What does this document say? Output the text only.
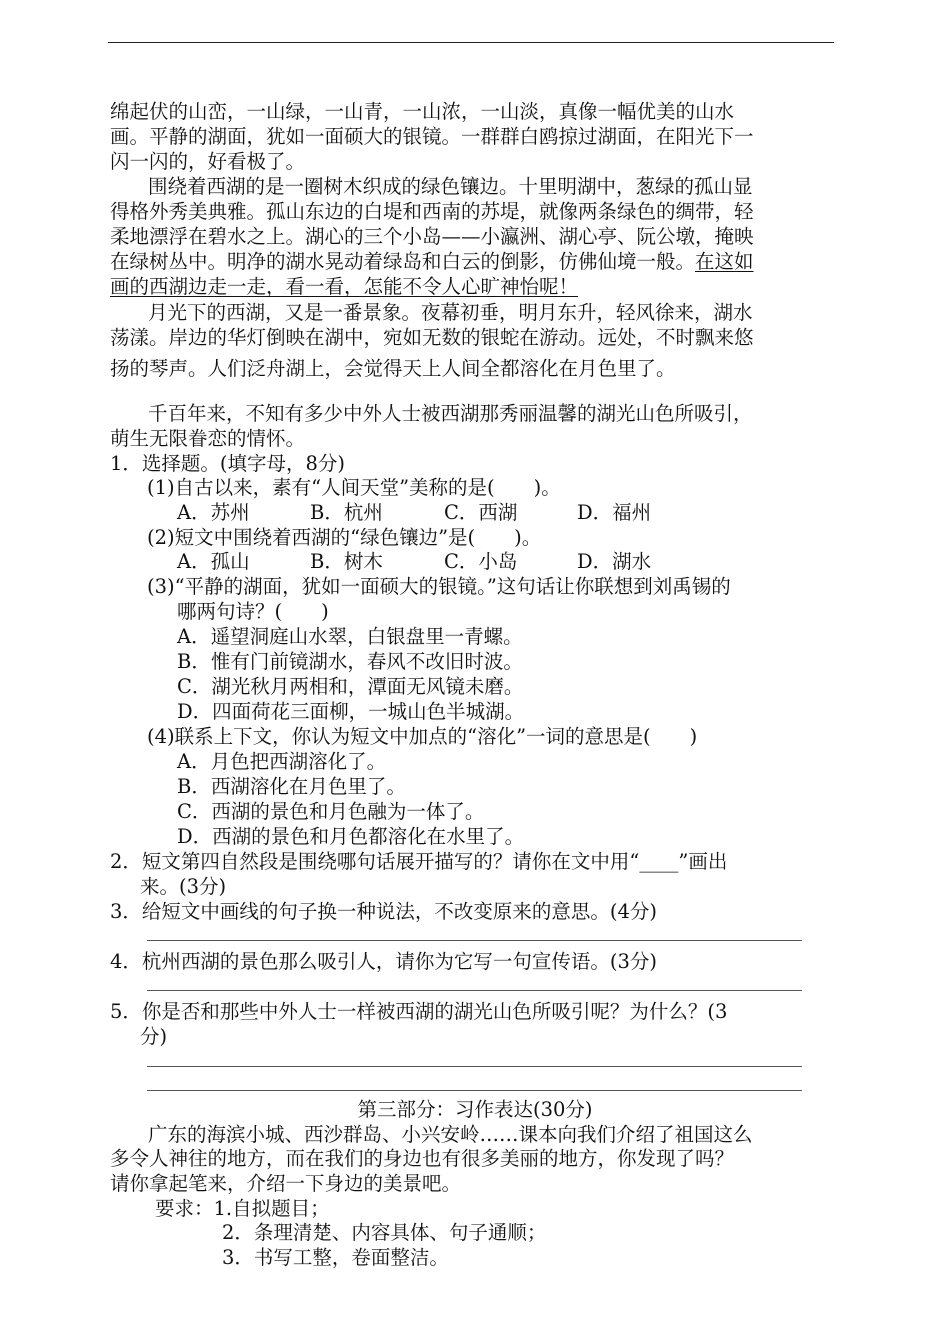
绵起伏的山峦，一山绿，一山青，一山浓，一山淡，真像一幅优美的山水
画。平静的湖面，犹如一面硕大的银镜。一群群白鸥掠过湖面，在阳光下一
闪一闪的，好看极了。
围绕着西湖的是一圈树木织成的绿色镶边。十里明湖中，葱绿的孤山显
得格外秀美典雅。孤山东边的白堤和西南的苏堤，就像两条绿色的绸带，轻
柔地漂浮在碧水之上。湖心的三个小岛——小瀛洲、湖心亭、阮公墩，掩映
在绿树丛中。明净的湖水晃动着绿岛和白云的倒影，仿佛仙境一般。在这如
画的西湖边走一走，看一看，怎能不令人心旷神怡呢！
月光下的西湖，又是一番景象。夜幕初垂，明月东升，轻风徐来，湖水
荡漾。岸边的华灯倒映在湖中，宛如无数的银蛇在游动。远处，不时飘来悠
扬的琴声。人们泛舟湖上，会觉得天上人间全都溶化在月色里了。
千百年来，不知有多少中外人士被西湖那秀丽温馨的湖光山色所吸引，
萌生无限眷恋的情怀。
1．选择题。(填字母，8分)
(1)自古以来，素有“人间天堂”美称的是(　　)。
A．苏州	B．杭州	C．西湖	D．福州
(2)短文中围绕着西湖的“绿色镶边”是(　　)。
A．孤山	B．树木	C．小岛	D．湖水
(3)“平静的湖面，犹如一面硕大的银镜。”这句话让你联想到刘禹锡的
哪两句诗？(　　)
A．遥望洞庭山水翠，白银盘里一青螺。
B．惟有门前镜湖水，春风不改旧时波。
C．湖光秋月两相和，潭面无风镜未磨。
D．四面荷花三面柳，一城山色半城湖。
(4)联系上下文，你认为短文中加点的“溶化”一词的意思是(　　)
A．月色把西湖溶化了。
B．西湖溶化在月色里了。
C．西湖的景色和月色融为一体了。
D．西湖的景色和月色都溶化在水里了。
2．短文第四自然段是围绕哪句话展开描写的？请你在文中用“____”画出
来。(3分)
3．给短文中画线的句子换一种说法，不改变原来的意思。(4分)
4．杭州西湖的景色那么吸引人，请你为它写一句宣传语。(3分)
5．你是否和那些中外人士一样被西湖的湖光山色所吸引呢？为什么？(3
分)
第三部分：习作表达(30分)
广东的海滨小城、西沙群岛、小兴安岭……课本向我们介绍了祖国这么
多令人神往的地方，而在我们的身边也有很多美丽的地方，你发现了吗？
请你拿起笔来，介绍一下身边的美景吧。
要求：1.自拟题目；
2．条理清楚、内容具体、句子通顺；
3．书写工整，卷面整洁。
